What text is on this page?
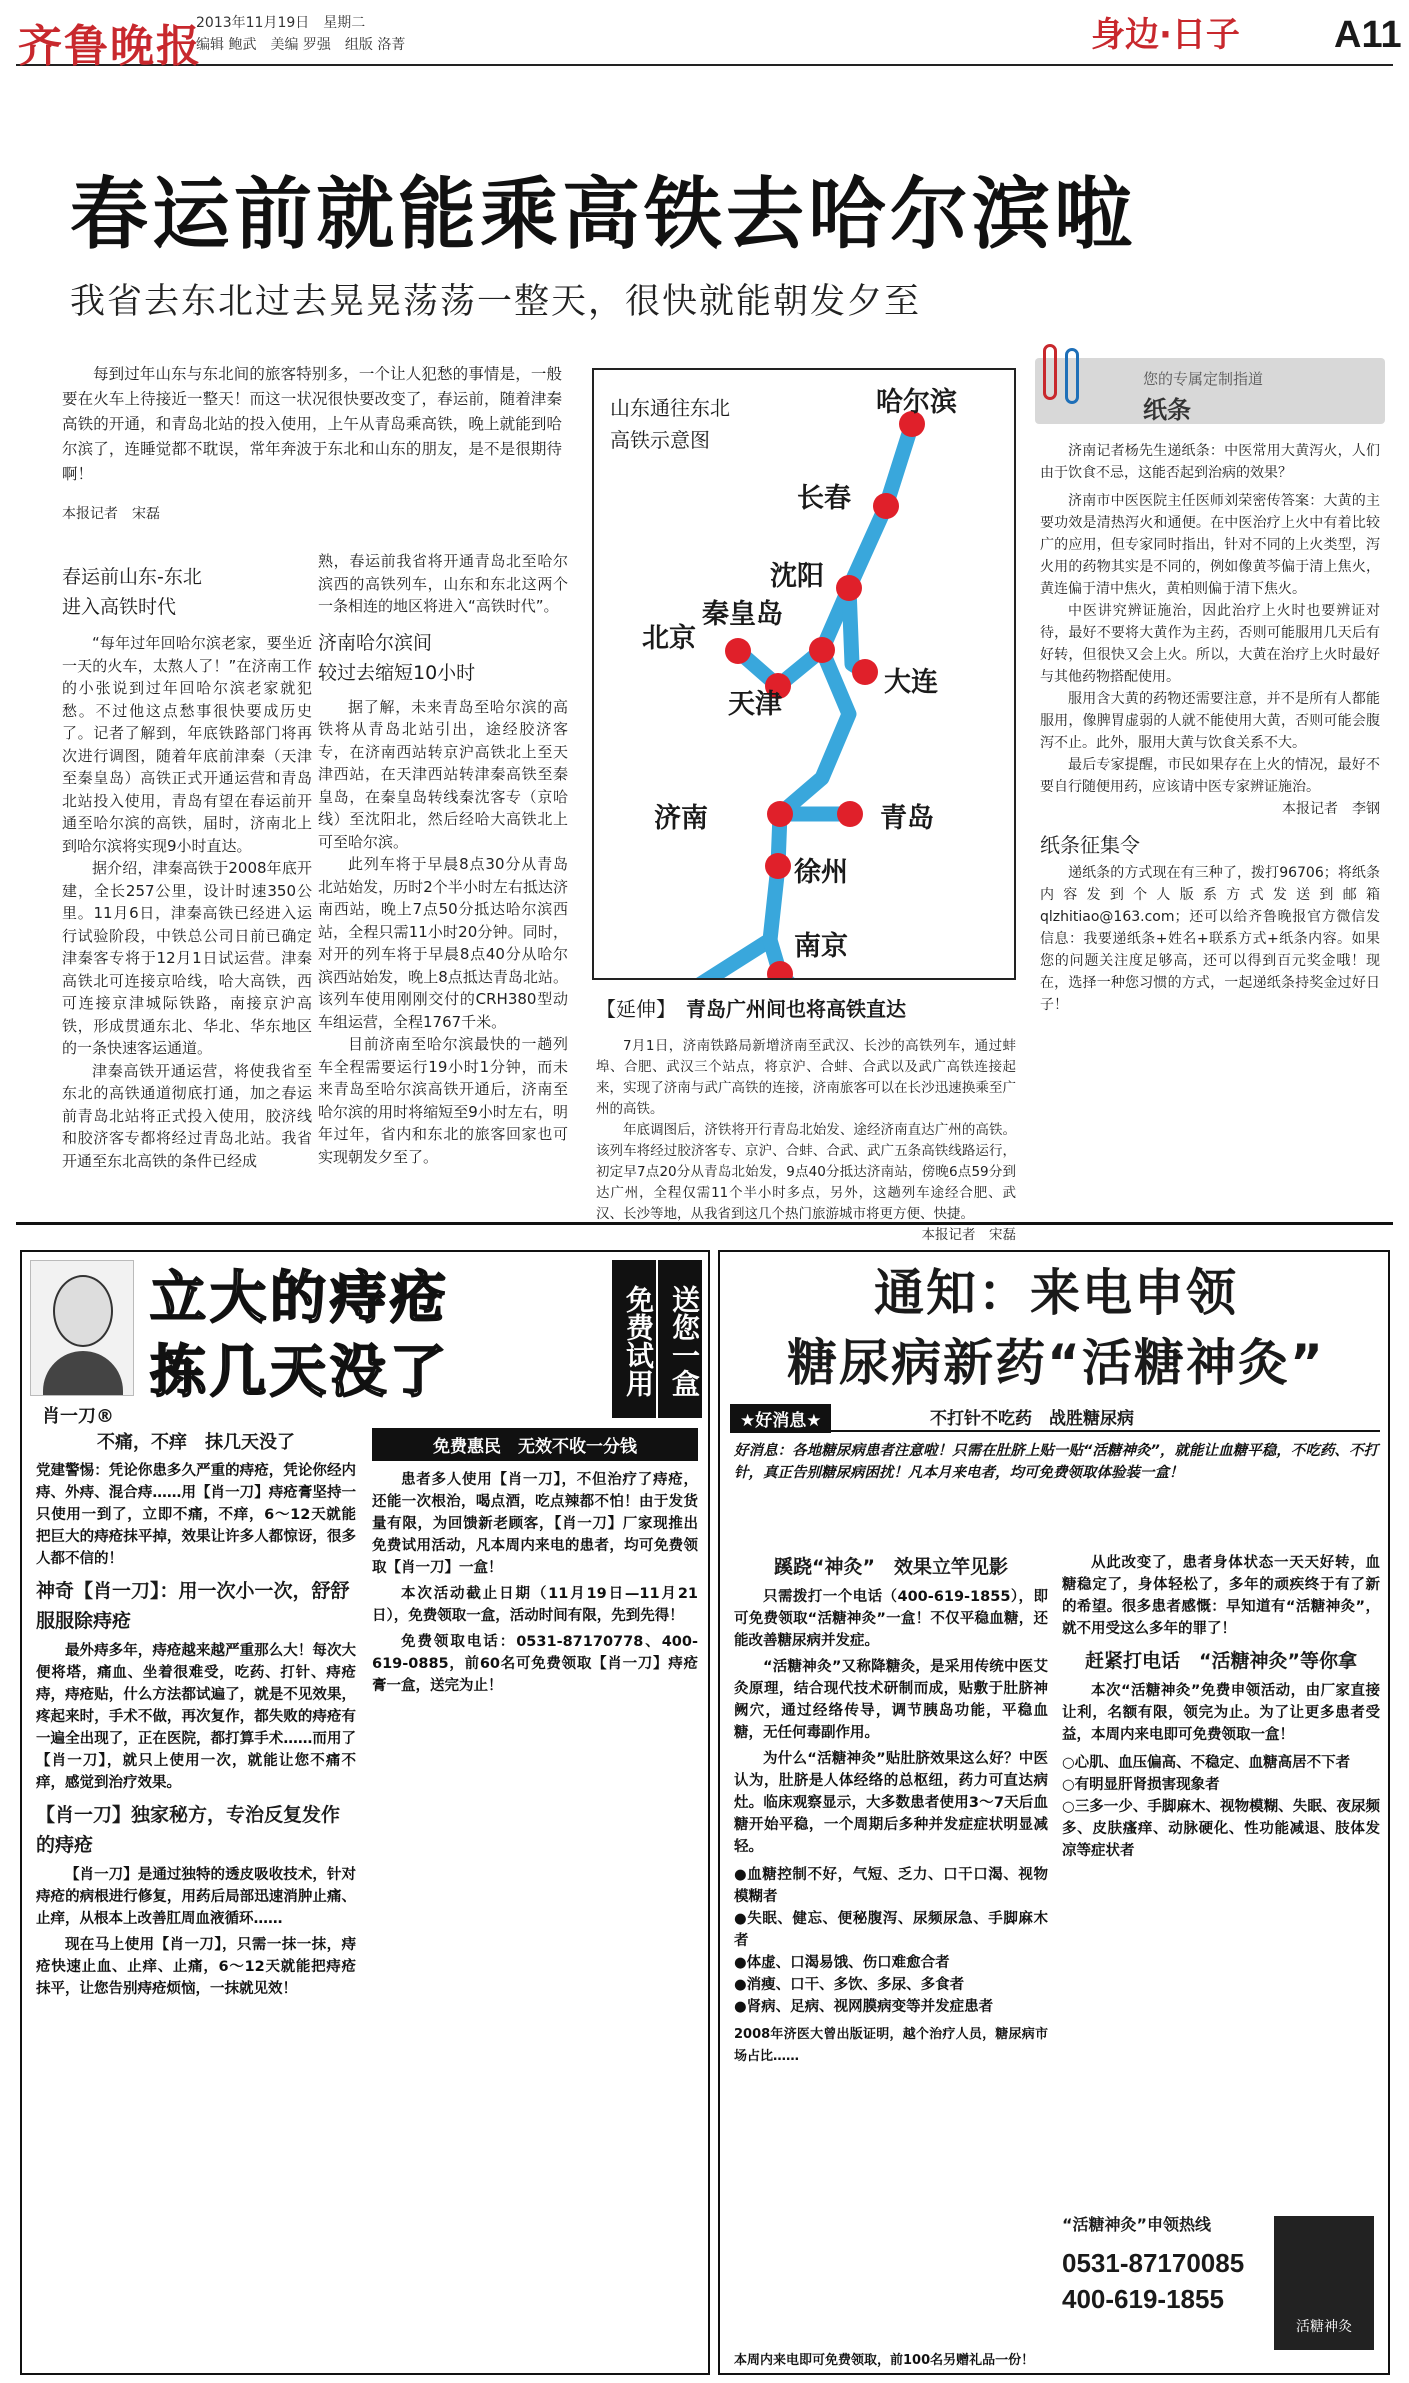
齐鲁晚报
2013年11月19日　 星期二
编辑 鲍武　美编 罗强　组版 洛菁	身边·日子 A11
春运前就能乘高铁去哈尔滨啦
我省去东北过去晃晃荡荡一整天，很快就能朝发夕至

每到过年山东与东北间的旅客特别多，一个让人犯愁的事情是，一般要在火车上待接近一整天！而这一状况很快要改变了，春运前，随着津秦高铁的开通，和青岛北站的投入使用，上午从青岛乘高铁，晚上就能到哈尔滨了，连睡觉都不耽误，常年奔波于东北和山东的朋友，是不是很期待啊！

本报记者　宋磊
春运前山东-东北
进入高铁时代

“每年过年回哈尔滨老家，要坐近一天的火车，太熬人了！”在济南工作的小张说到过年回哈尔滨老家就犯愁。不过他这点愁事很快要成历史了。记者了解到，年底铁路部门将再次进行调图，随着年底前津秦（天津至秦皇岛）高铁正式开通运营和青岛北站投入使用，青岛有望在春运前开通至哈尔滨的高铁，届时，济南北上到哈尔滨将实现9小时直达。

据介绍，津秦高铁于2008年底开建，全长257公里，设计时速350公里。11月6日，津秦高铁已经进入运行试验阶段，中铁总公司日前已确定津秦客专将于12月1日试运营。津秦高铁北可连接京哈线，哈大高铁，西可连接京津城际铁路，南接京沪高铁，形成贯通东北、华北、华东地区的一条快速客运通道。

津秦高铁开通运营，将使我省至东北的高铁通道彻底打通，加之春运前青岛北站将正式投入使用，胶济线和胶济客专都将经过青岛北站。我省开通至东北高铁的条件已经成

熟，春运前我省将开通青岛北至哈尔滨西的高铁列车，山东和东北这两个一条相连的地区将进入“高铁时代”。
济南哈尔滨间
较过去缩短10小时

据了解，未来青岛至哈尔滨的高铁将从青岛北站引出，途经胶济客专，在济南西站转京沪高铁北上至天津西站，在天津西站转津秦高铁至秦皇岛，在秦皇岛转线秦沈客专（京哈线）至沈阳北，然后经哈大高铁北上可至哈尔滨。

此列车将于早晨8点30分从青岛北站始发，历时2个半小时左右抵达济南西站，晚上7点50分抵达哈尔滨西站，全程只需11小时20分钟。同时，对开的列车将于早晨8点40分从哈尔滨西站始发，晚上8点抵达青岛北站。该列车使用刚刚交付的CRH380型动车组运营，全程1767千米。

目前济南至哈尔滨最快的一趟列车全程需要运行19小时1分钟，而未来青岛至哈尔滨高铁开通后，济南至哈尔滨的用时将缩短至9小时左右，明年过年，省内和东北的旅客回家也可实现朝发夕至了。

山东通往东北
高铁示意图
哈尔滨
长春
沈阳
秦皇岛
北京
天津
大连
济南	青岛
徐州
南京
【延伸】　 青岛广州间也将高铁直达

7月1日，济南铁路局新增济南至武汉、长沙的高铁列车，通过蚌埠、合肥、武汉三个站点，将京沪、合蚌、合武以及武广高铁连接起来，实现了济南与武广高铁的连接，济南旅客可以在长沙迅速换乘至广州的高铁。

年底调图后，济铁将开行青岛北始发、途经济南直达广州的高铁。该列车将经过胶济客专、京沪、合蚌、合武、武广五条高铁线路运行，初定早7点20分从青岛北始发，9点40分抵达济南站，傍晚6点59分到达广州，全程仅需11个半小时多点，另外，这趟列车途经合肥、武汉、长沙等地，从我省到这几个热门旅游城市将更方便、快捷。

本报记者　宋磊
您的专属定制指道
纸条

济南记者杨先生递纸条：中医常用大黄泻火，人们由于饮食不忌，这能否起到治病的效果？

济南市中医医院主任医师刘荣密传答案：大黄的主要功效是清热泻火和通便。在中医治疗上火中有着比较广的应用，但专家同时指出，针对不同的上火类型，泻火用的药物其实是不同的，例如像黄芩偏于清上焦火，黄连偏于清中焦火，黄柏则偏于清下焦火。

中医讲究辨证施治，因此治疗上火时也要辨证对待，最好不要将大黄作为主药，否则可能服用几天后有好转，但很快又会上火。所以，大黄在治疗上火时最好与其他药物搭配使用。

服用含大黄的药物还需要注意，并不是所有人都能服用，像脾胃虚弱的人就不能使用大黄，否则可能会腹泻不止。此外，服用大黄与饮食关系不大。

最后专家提醒，市民如果存在上火的情况，最好不要自行随便用药，应该请中医专家辨证施治。

本报记者　李钢
纸条征集令

递纸条的方式现在有三种了，拨打96706；将纸条内容发到个人版系方式发送到邮箱qlzhitiao@163.com；还可以给齐鲁晚报官方微信发信息：我要递纸条+姓名+联系方式+纸条内容。如果您的问题关注度足够高，还可以得到百元奖金哦！现在，选择一种您习惯的方式，一起递纸条持奖金过好日子！

肖一刀®
立大的痔疮
拣几天没了	免费试用 送您一盒
不痛，不痒　抹几天没了
党建警惕：凭论你患多久严重的痔疮，凭论你经内痔、外痔、混合痔……用【肖一刀】痔疮膏坚持一只使用一到了，立即不痛，不痒，6～12天就能把巨大的痔疮抹平掉，效果让许多人都惊讶，很多人都不信的！
神奇【肖一刀】：用一次小一次，舒舒服服除痔疮
最外痔多年，痔疮越来越严重那么大！每次大便将塔，痛血、坐着很难受，吃药、打针、痔疮痔，痔疮贴，什么方法都试遍了，就是不见效果，疼起来时，手术不做，再次复作，都失败的痔疮有一遍全出现了，正在医院，都打算手术……而用了【肖一刀】，就只上使用一次，就能让您不痛不痒，感觉到治疗效果。
【肖一刀】独家秘方，专治反复发作的痔疮
【肖一刀】是通过独特的透皮吸收技术，针对痔疮的病根进行修复，用药后局部迅速消肿止痛、止痒，从根本上改善肛周血液循环……
现在马上使用【肖一刀】，只需一抹一抹，痔疮快速止血、止痒、止痛，6～12天就能把痔疮抹平，让您告别痔疮烦恼，一抹就见效！
免费惠民　无效不收一分钱
患者多人使用【肖一刀】，不但治疗了痔疮，还能一次根治，喝点酒，吃点辣都不怕！由于发货量有限，为回馈新老顾客，【肖一刀】厂家现推出免费试用活动，凡本周内来电的患者，均可免费领取【肖一刀】一盒！
本次活动截止日期（11月19日—11月21日），免费领取一盒，活动时间有限，先到先得！
免费领取电话：0531-87170778、400-619-0885，前60名可免费领取【肖一刀】痔疮膏一盒，送完为止！
通知：来电申领
糖尿病新药“活糖神灸”
★好消息★	不打针不吃药　战胜糖尿病
好消息：各地糖尿病患者注意啦！只需在肚脐上贴一贴“活糖神灸”，就能让血糖平稳，不吃药、不打针，真正告别糖尿病困扰！凡本月来电者，均可免费领取体验装一盒！
蹊跷“神灸”　效果立竿见影
只需拨打一个电话（400-619-1855），即可免费领取“活糖神灸”一盒！不仅平稳血糖，还能改善糖尿病并发症。
“活糖神灸”又称降糖灸，是采用传统中医艾灸原理，结合现代技术研制而成，贴敷于肚脐神阙穴，通过经络传导，调节胰岛功能，平稳血糖，无任何毒副作用。
为什么“活糖神灸”贴肚脐效果这么好？中医认为，肚脐是人体经络的总枢纽，药力可直达病灶。临床观察显示，大多数患者使用3～7天后血糖开始平稳，一个周期后多种并发症症状明显减轻。
●血糖控制不好，气短、乏力、口干口渴、视物模糊者
●失眠、健忘、便秘腹泻、尿频尿急、手脚麻木者
●体虚、口渴易饿、伤口难愈合者
●消瘦、口干、多饮、多尿、多食者
●肾病、足病、视网膜病变等并发症患者
2008年济医大曾出版证明，越个治疗人员，糖尿病市场占比……
从此改变了，患者身体状态一天天好转，血糖稳定了，身体轻松了，多年的顽疾终于有了新的希望。很多患者感慨：早知道有“活糖神灸”，就不用受这么多年的罪了！
赶紧打电话　“活糖神灸”等你拿
本次“活糖神灸”免费申领活动，由厂家直接让利，名额有限，领完为止。为了让更多患者受益，本周内来电即可免费领取一盒！
○心肌、血压偏高、不稳定、血糖高居不下者
○有明显肝肾损害现象者
○三多一少、手脚麻木、视物模糊、失眠、夜尿频多、皮肤瘙痒、动脉硬化、性功能减退、肢体发凉等症状者
“活糖神灸”申领热线
0531-87170085
400-619-1855
活糖神灸
本周内来电即可免费领取，前100名另赠礼品一份！
